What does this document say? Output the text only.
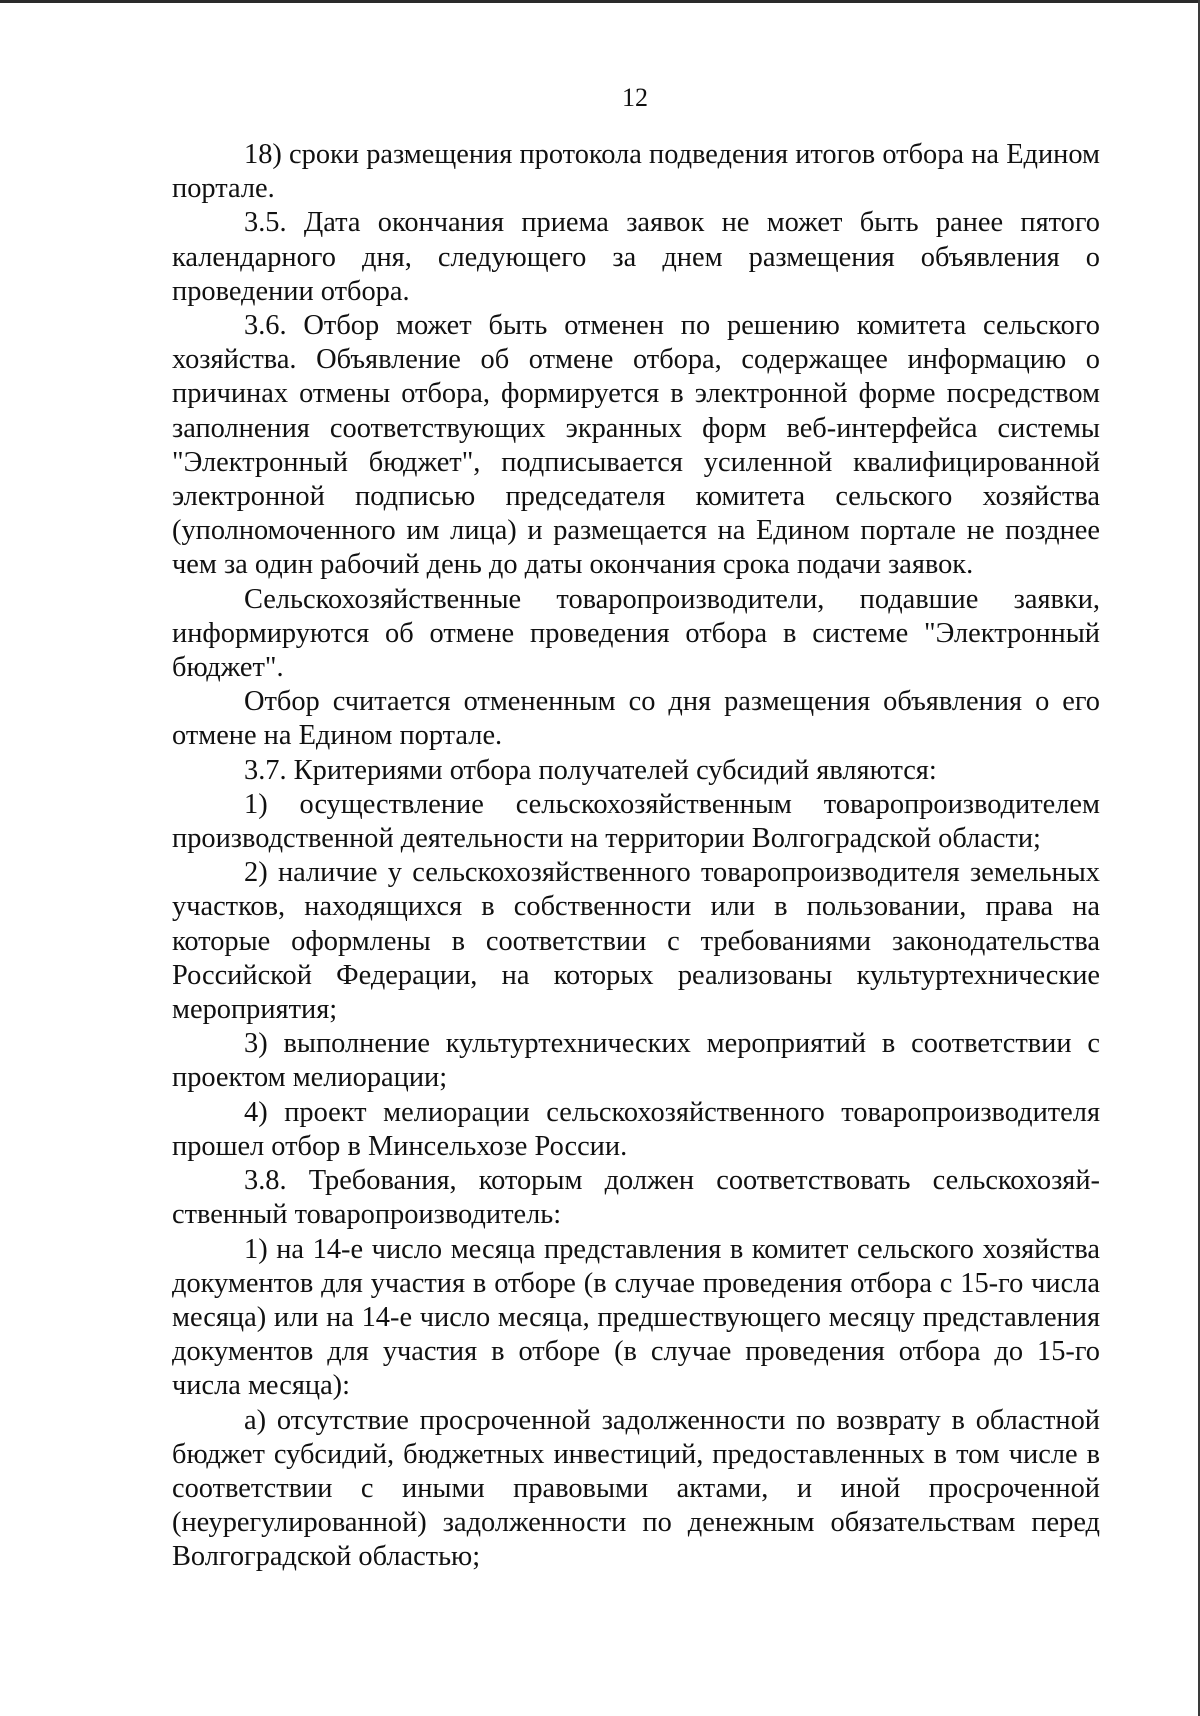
12

18) сроки размещения протокола подведения итогов отбора на Едином портале.

3.5. Дата окончания приема заявок не может быть ранее пятого календарного дня, следующего за днем размещения объявления о проведении отбора.

3.6. Отбор может быть отменен по решению комитета сельского хозяйства. Объявление об отмене отбора, содержащее информацию о причинах отмены отбора, формируется в электронной форме посредством заполнения соответствующих экранных форм веб-интерфейса системы "Электронный бюджет", подписывается усиленной квалифицированной электронной подписью председателя комитета сельского хозяйства (уполномоченного им лица) и размещается на Едином портале не позднее чем за один рабочий день до даты окончания срока подачи заявок.

Сельскохозяйственные товаропроизводители, подавшие заявки, информируются об отмене проведения отбора в системе "Электронный бюджет".

Отбор считается отмененным со дня размещения объявления о его отмене на Едином портале.

3.7. Критериями отбора получателей субсидий являются:

1) осуществление сельскохозяйственным товаропроизводителем производственной деятельности на территории Волгоградской области;

2) наличие у сельскохозяйственного товаропроизводителя земельных участков, находящихся в собственности или в пользовании, права на которые оформлены в соответствии с требованиями законодательства Российской Федерации, на которых реализованы культуртехнические мероприятия;

3) выполнение культуртехнических мероприятий в соответствии с проектом мелиорации;

4) проект мелиорации сельскохозяйственного товаропроизводителя прошел отбор в Минсельхозе России.

3.8. Требования, которым должен соответствовать сельскохозяй-ственный товаропроизводитель:

1) на 14-е число месяца представления в комитет сельского хозяйства документов для участия в отборе (в случае проведения отбора с 15-го числа месяца) или на 14-е число месяца, предшествующего месяцу представления документов для участия в отборе (в случае проведения отбора до 15-го числа месяца):

а) отсутствие просроченной задолженности по возврату в областной бюджет субсидий, бюджетных инвестиций, предоставленных в том числе в соответствии с иными правовыми актами, и иной просроченной (неурегулированной) задолженности по денежным обязательствам перед Волгоградской областью;
